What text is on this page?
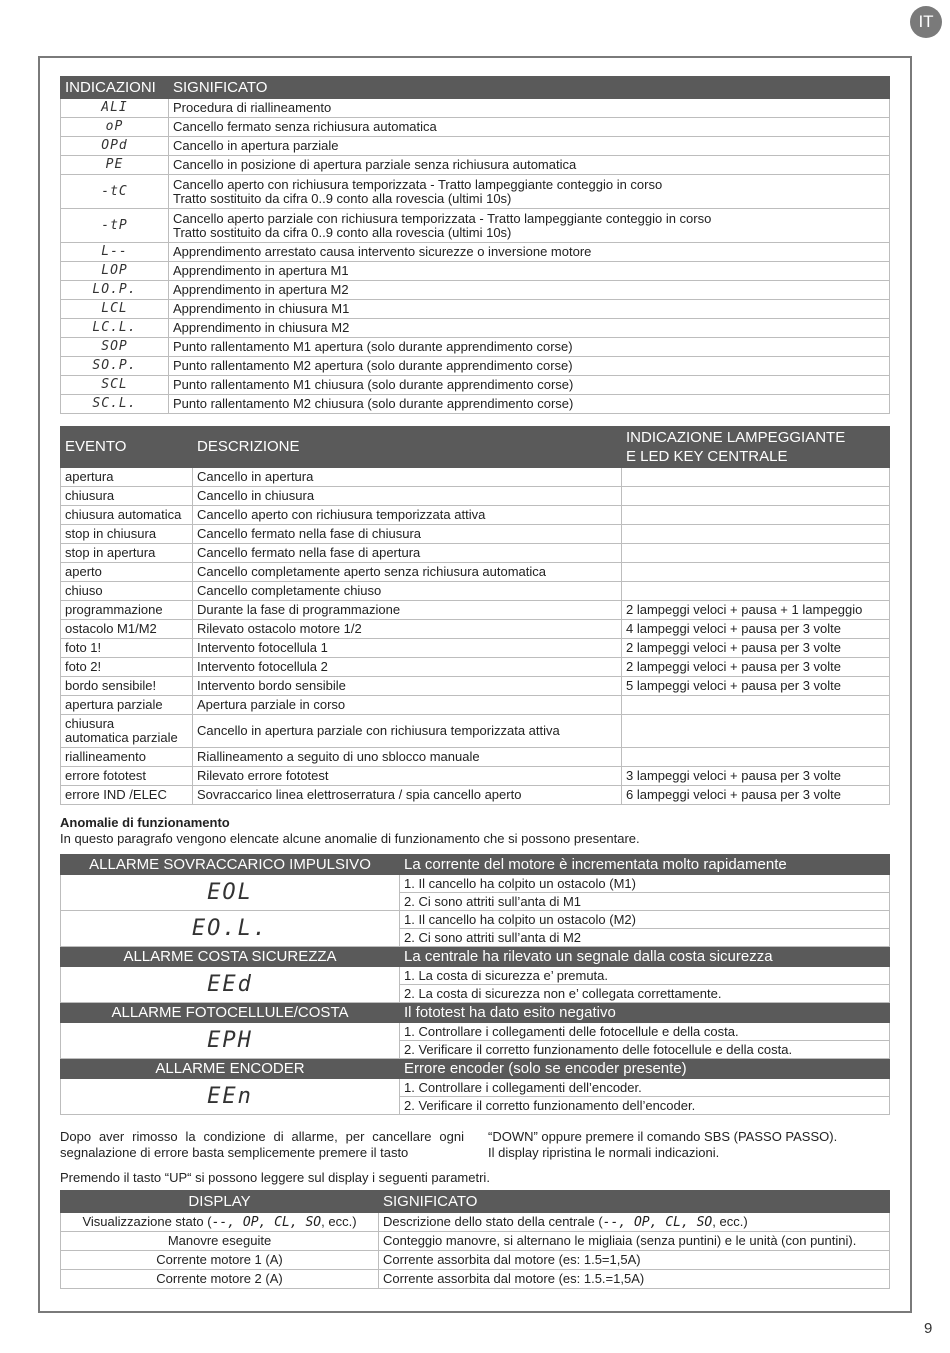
IT
INDICAZIONI	SIGNIFICATO
ALI	Procedura di riallineamento

oP	Cancello fermato senza richiusura automatica

OPd	Cancello in apertura parziale

PE	Cancello in posizione di apertura parziale senza richiusura automatica

-tC	Cancello aperto con richiusura temporizzata - Tratto lampeggiante conteggio in corso
Tratto sostituito da cifra 0..9 conto alla rovescia (ultimi 10s)

-tP	Cancello aperto parziale con richiusura temporizzata - Tratto lampeggiante conteggio in corso
Tratto sostituito da cifra 0..9 conto alla rovescia (ultimi 10s)

L--	Apprendimento arrestato causa intervento sicurezze o inversione motore

LOP	Apprendimento in apertura M1

LO.P.	Apprendimento in apertura M2

LCL	Apprendimento in chiusura M1

LC.L.	Apprendimento in chiusura M2

SOP	Punto rallentamento M1 apertura (solo durante apprendimento corse)

SO.P.	Punto rallentamento M2 apertura (solo durante apprendimento corse)

SCL	Punto rallentamento M1 chiusura (solo durante apprendimento corse)

SC.L.	Punto rallentamento M2 chiusura (solo durante apprendimento corse)
EVENTO	DESCRIZIONE	INDICAZIONE LAMPEGGIANTE
E LED KEY CENTRALE

apertura	Cancello in apertura	

chiusura	Cancello in chiusura	

chiusura automatica	Cancello aperto con richiusura temporizzata attiva	

stop in chiusura	Cancello fermato nella fase di chiusura	

stop in apertura	Cancello fermato nella fase di apertura	

aperto	Cancello completamente aperto senza richiusura automatica	

chiuso	Cancello completamente chiuso	

programmazione	Durante la fase di programmazione	2 lampeggi veloci + pausa + 1 lampeggio

ostacolo M1/M2	Rilevato ostacolo motore 1/2	4 lampeggi veloci + pausa per 3 volte

foto 1!	Intervento fotocellula 1	2 lampeggi veloci + pausa per 3 volte

foto 2!	Intervento fotocellula 2	2 lampeggi veloci + pausa per 3 volte

bordo sensibile!	Intervento bordo sensibile	5 lampeggi veloci + pausa per 3 volte

apertura parziale	Apertura parziale in corso	

chiusura
automatica parziale	Cancello in apertura parziale con richiusura temporizzata attiva	

riallineamento	Riallineamento a seguito di uno sblocco manuale	

errore fototest	Rilevato errore fototest	3 lampeggi veloci + pausa per 3 volte

errore IND /ELEC	Sovraccarico linea elettroserratura / spia cancello aperto	6 lampeggi veloci + pausa per 3 volte
Anomalie di funzionamento
In questo paragrafo vengono elencate alcune anomalie di funzionamento che si possono presentare.
ALLARME SOVRACCARICO IMPULSIVO	La corrente del motore è incrementata molto rapidamente
EOL	1. Il cancello ha colpito un ostacolo (M1)
	2. Ci sono attriti sull’anta di M1
EO.L.	1. Il cancello ha colpito un ostacolo (M2)
	2. Ci sono attriti sull’anta di M2
ALLARME COSTA SICUREZZA	La centrale ha rilevato un segnale dalla costa sicurezza
EEd	1. La costa di sicurezza e’ premuta.
	2. La costa di sicurezza non e’ collegata correttamente.
ALLARME FOTOCELLULE/COSTA	Il fototest ha dato esito negativo
EPH	1. Controllare i collegamenti delle fotocellule e della costa.
	2. Verificare il corretto funzionamento delle fotocellule e della costa.
ALLARME ENCODER	Errore encoder (solo se encoder presente)
EEn	1. Controllare i collegamenti dell’encoder.
	2. Verificare il corretto funzionamento dell’encoder.
Dopo aver rimosso la condizione di allarme, per cancellare ogni segnalazione di errore basta semplicemente premere il tasto
“DOWN” oppure premere il comando SBS (PASSO PASSO).
Il display ripristina le normali indicazioni.
Premendo il tasto “UP“ si possono leggere sul display i seguenti parametri.
DISPLAY	SIGNIFICATO
Visualizzazione stato (--, OP, CL, SO, ecc.)	Descrizione dello stato della centrale (--, OP, CL, SO, ecc.)
Manovre eseguite	Conteggio manovre, si alternano le migliaia (senza puntini) e le unità (con puntini).
Corrente motore 1 (A)	Corrente assorbita dal motore (es: 1.5=1,5A)
Corrente motore 2 (A)	Corrente assorbita dal motore (es: 1.5.=1,5A)
9
